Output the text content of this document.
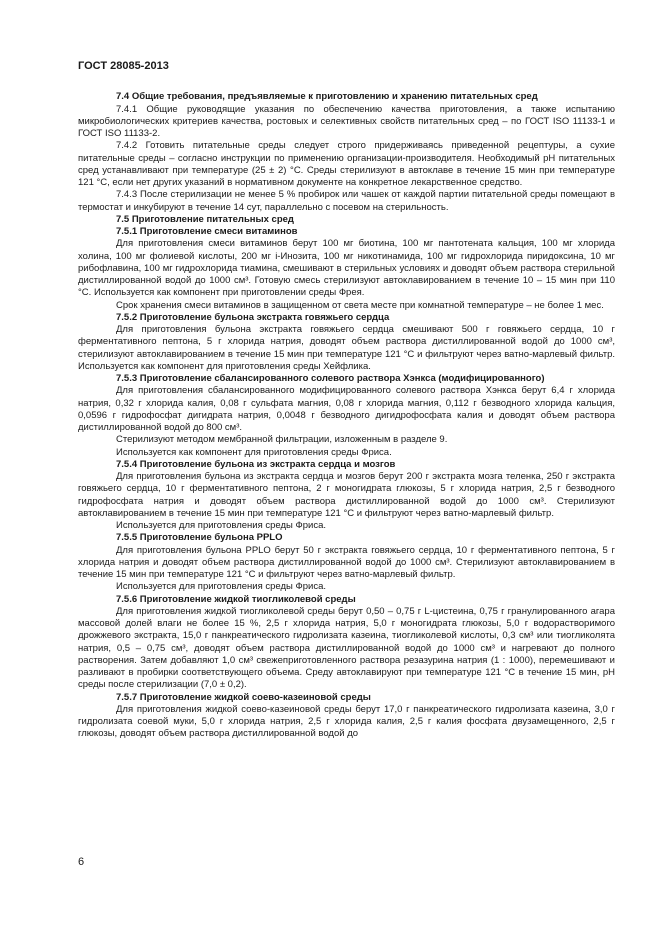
ГОСТ 28085-2013

7.4 Общие требования, предъявляемые к приготовлению и хранению питательных сред

7.4.1 Общие руководящие указания по обеспечению качества приготовления, а также испытанию микробиологических критериев качества, ростовых и селективных свойств питательных сред – по ГОСТ ISO 11133-1 и ГОСТ ISO 11133-2.

7.4.2 Готовить питательные среды следует строго придерживаясь приведенной рецептуры, а сухие питательные среды – согласно инструкции по применению организации-производителя. Необходимый рН питательных сред устанавливают при температуре (25 ± 2) °С. Среды стерилизуют в автоклаве в течение 15 мин при температуре 121 °С, если нет других указаний в нормативном документе на конкретное лекарственное средство.

7.4.3 После стерилизации не менее 5 % пробирок или чашек от каждой партии питательной среды помещают в термостат и инкубируют в течение 14 сут, параллельно с посевом на стерильность.

7.5 Приготовление питательных сред

7.5.1 Приготовление смеси витаминов

Для приготовления смеси витаминов берут 100 мг биотина, 100 мг пантотената кальция, 100 мг хлорида холина, 100 мг фолиевой кислоты, 200 мг i-Инозита, 100 мг никотинамида, 100 мг гидрохлорида пиридоксина, 10 мг рибофлавина, 100 мг гидрохлорида тиамина, смешивают в стерильных условиях и доводят объем раствора стерильной дистиллированной водой до 1000 см³. Готовую смесь стерилизуют автоклавированием в течение 10 – 15 мин при 110 °С. Используется как компонент при приготовлении среды Фрея.

Срок хранения смеси витаминов в защищенном от света месте при комнатной температуре – не более 1 мес.

7.5.2 Приготовление бульона экстракта говяжьего сердца

Для приготовления бульона экстракта говяжьего сердца смешивают 500 г говяжьего сердца, 10 г ферментативного пептона, 5 г хлорида натрия, доводят объем раствора дистиллированной водой до 1000 см³, стерилизуют автоклавированием в течение 15 мин при температуре 121 °С и фильтруют через ватно-марлевый фильтр. Используется как компонент для приготовления среды Хейфлика.

7.5.3 Приготовление сбалансированного солевого раствора Хэнкса (модифицированного)

Для приготовления сбалансированного модифицированного солевого раствора Хэнкса берут 6,4 г хлорида натрия, 0,32 г хлорида калия, 0,08 г сульфата магния, 0,08 г хлорида магния, 0,112 г безводного хлорида кальция, 0,0596 г гидрофосфат дигидрата натрия, 0,0048 г безводного дигидрофосфата калия и доводят объем раствора дистиллированной водой до 800 см³.

Стерилизуют методом мембранной фильтрации, изложенным в разделе 9.

Используется как компонент для приготовления среды Фриса.

7.5.4 Приготовление бульона из экстракта сердца и мозгов

Для приготовления бульона из экстракта сердца и мозгов берут 200 г экстракта мозга теленка, 250 г экстракта говяжьего сердца, 10 г ферментативного пептона, 2 г моногидрата глюкозы, 5 г хлорида натрия, 2,5 г безводного гидрофосфата натрия и доводят объем раствора дистиллированной водой до 1000 см³. Стерилизуют автоклавированием в течение 15 мин при температуре 121 °С и фильтруют через ватно-марлевый фильтр.

Используется для приготовления среды Фриса.

7.5.5 Приготовление бульона PPLO

Для приготовления бульона PPLO берут 50 г экстракта говяжьего сердца, 10 г ферментативного пептона, 5 г хлорида натрия и доводят объем раствора дистиллированной водой до 1000 см³. Стерилизуют автоклавированием в течение 15 мин при температуре 121 °С и фильтруют через ватно-марлевый фильтр.

Используется для приготовления среды Фриса.

7.5.6 Приготовление жидкой тиогликолевой среды

Для приготовления жидкой тиогликолевой среды берут 0,50 – 0,75 г L-цистеина, 0,75 г гранулированного агара массовой долей влаги не более 15 %, 2,5 г хлорида натрия, 5,0 г моногидрата глюкозы, 5,0 г водорастворимого дрожжевого экстракта, 15,0 г панкреатического гидролизата казеина, тиогликолевой кислоты, 0,3 см³ или тиогликолята натрия, 0,5 – 0,75 см³, доводят объем раствора дистиллированной водой до 1000 см³ и нагревают до полного растворения. Затем добавляют 1,0 см³ свежеприготовленного раствора резазурина натрия (1 : 1000), перемешивают и разливают в пробирки соответствующего объема. Среду автоклавируют при температуре 121 °С в течение 15 мин, рН среды после стерилизации (7,0 ± 0,2).

7.5.7 Приготовление жидкой соево-казеиновой среды

Для приготовления жидкой соево-казеиновой среды берут 17,0 г панкреатического гидролизата казеина, 3,0 г гидролизата соевой муки, 5,0 г хлорида натрия, 2,5 г хлорида калия, 2,5 г калия фосфата двузамещенного, 2,5 г глюкозы, доводят объем раствора дистиллированной водой до

6
